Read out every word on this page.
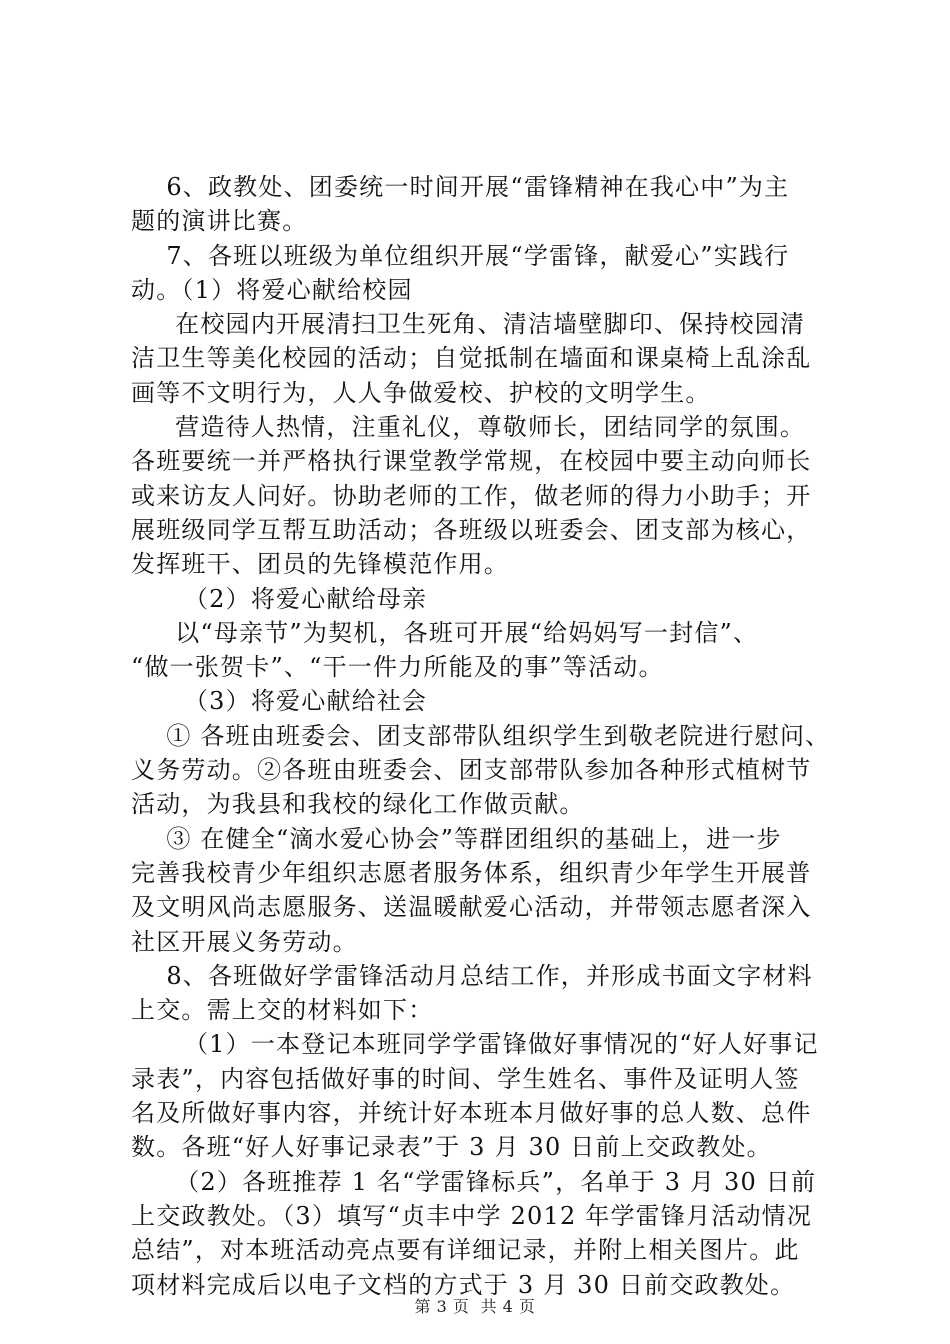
6、政教处、团委统一时间开展“雷锋精神在我心中”为主
题的演讲比赛。
7、各班以班级为单位组织开展“学雷锋，献爱心”实践行
动。（1）将爱心献给校园
在校园内开展清扫卫生死角、清洁墙壁脚印、保持校园清
洁卫生等美化校园的活动；自觉抵制在墙面和课桌椅上乱涂乱
画等不文明行为，人人争做爱校、护校的文明学生。
营造待人热情，注重礼仪，尊敬师长，团结同学的氛围。
各班要统一并严格执行课堂教学常规，在校园中要主动向师长
或来访友人问好。协助老师的工作，做老师的得力小助手；开
展班级同学互帮互助活动；各班级以班委会、团支部为核心，
发挥班干、团员的先锋模范作用。
（2）将爱心献给母亲
以“母亲节”为契机，各班可开展“给妈妈写一封信”、
“做一张贺卡”、“干一件力所能及的事”等活动。
（3）将爱心献给社会
① 各班由班委会、团支部带队组织学生到敬老院进行慰问、
义务劳动。②各班由班委会、团支部带队参加各种形式植树节
活动，为我县和我校的绿化工作做贡献。
③ 在健全“滴水爱心协会”等群团组织的基础上，进一步
完善我校青少年组织志愿者服务体系，组织青少年学生开展普
及文明风尚志愿服务、送温暖献爱心活动，并带领志愿者深入
社区开展义务劳动。
8、各班做好学雷锋活动月总结工作，并形成书面文字材料
上交。需上交的材料如下：
（1）一本登记本班同学学雷锋做好事情况的“好人好事记
录表”，内容包括做好事的时间、学生姓名、事件及证明人签
名及所做好事内容，并统计好本班本月做好事的总人数、总件
数。各班“好人好事记录表”于 3 月 30 日前上交政教处。
（2）各班推荐 1 名“学雷锋标兵”，名单于 3 月 30 日前
上交政教处。（3）填写“贞丰中学 2012 年学雷锋月活动情况
总结”，对本班活动亮点要有详细记录，并附上相关图片。此
项材料完成后以电子文档的方式于 3 月 30 日前交政教处。
第 3 页  共 4 页
